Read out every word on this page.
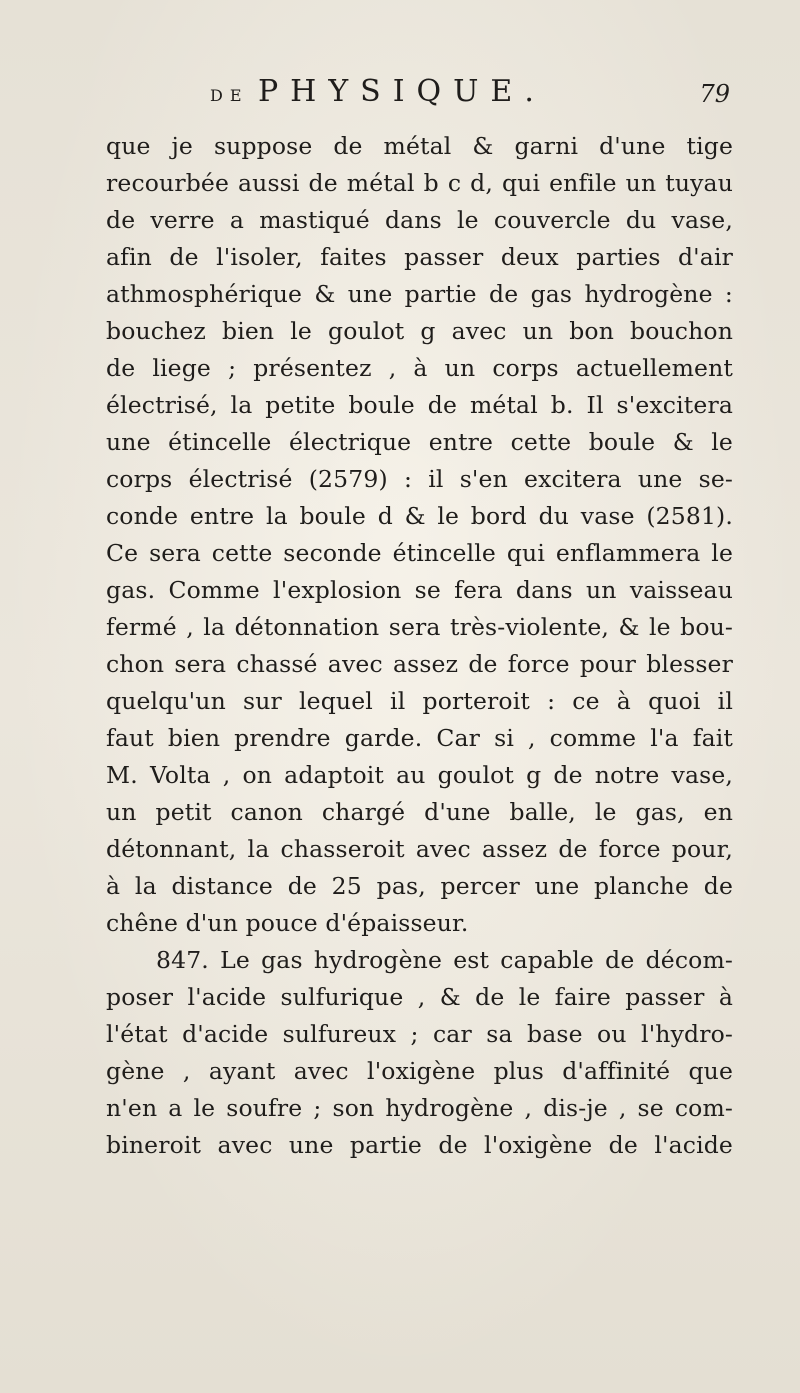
DE PHYSIQUE.	79
que je suppose de métal & garni d'une tige
recourbée aussi de métal b c d, qui enfile un tuyau
de verre a mastiqué dans le couvercle du vase,
afin de l'isoler, faites passer deux parties d'air
athmosphérique & une partie de gas hydrogène :
bouchez bien le goulot g avec un bon bouchon
de liege ; présentez , à un corps actuellement
électrisé, la petite boule de métal b. Il s'excitera
une étincelle électrique entre cette boule & le
corps électrisé (2579) : il s'en excitera une se-
conde entre la boule d & le bord du vase (2581).
Ce sera cette seconde étincelle qui enflammera le
gas. Comme l'explosion se fera dans un vaisseau
fermé , la détonnation sera très-violente, & le bou-
chon sera chassé avec assez de force pour blesser
quelqu'un sur lequel il porteroit : ce à quoi il
faut bien prendre garde. Car si , comme l'a fait
M. Volta , on adaptoit au goulot g de notre vase,
un petit canon chargé d'une balle, le gas, en
détonnant, la chasseroit avec assez de force pour,
à la distance de 25 pas, percer une planche de
chêne d'un pouce d'épaisseur.
847. Le gas hydrogène est capable de décom-
poser l'acide sulfurique , & de le faire passer à
l'état d'acide sulfureux ; car sa base ou l'hydro-
gène , ayant avec l'oxigène plus d'affinité que
n'en a le soufre ; son hydrogène , dis-je , se com-
bineroit avec une partie de l'oxigène de l'acide
